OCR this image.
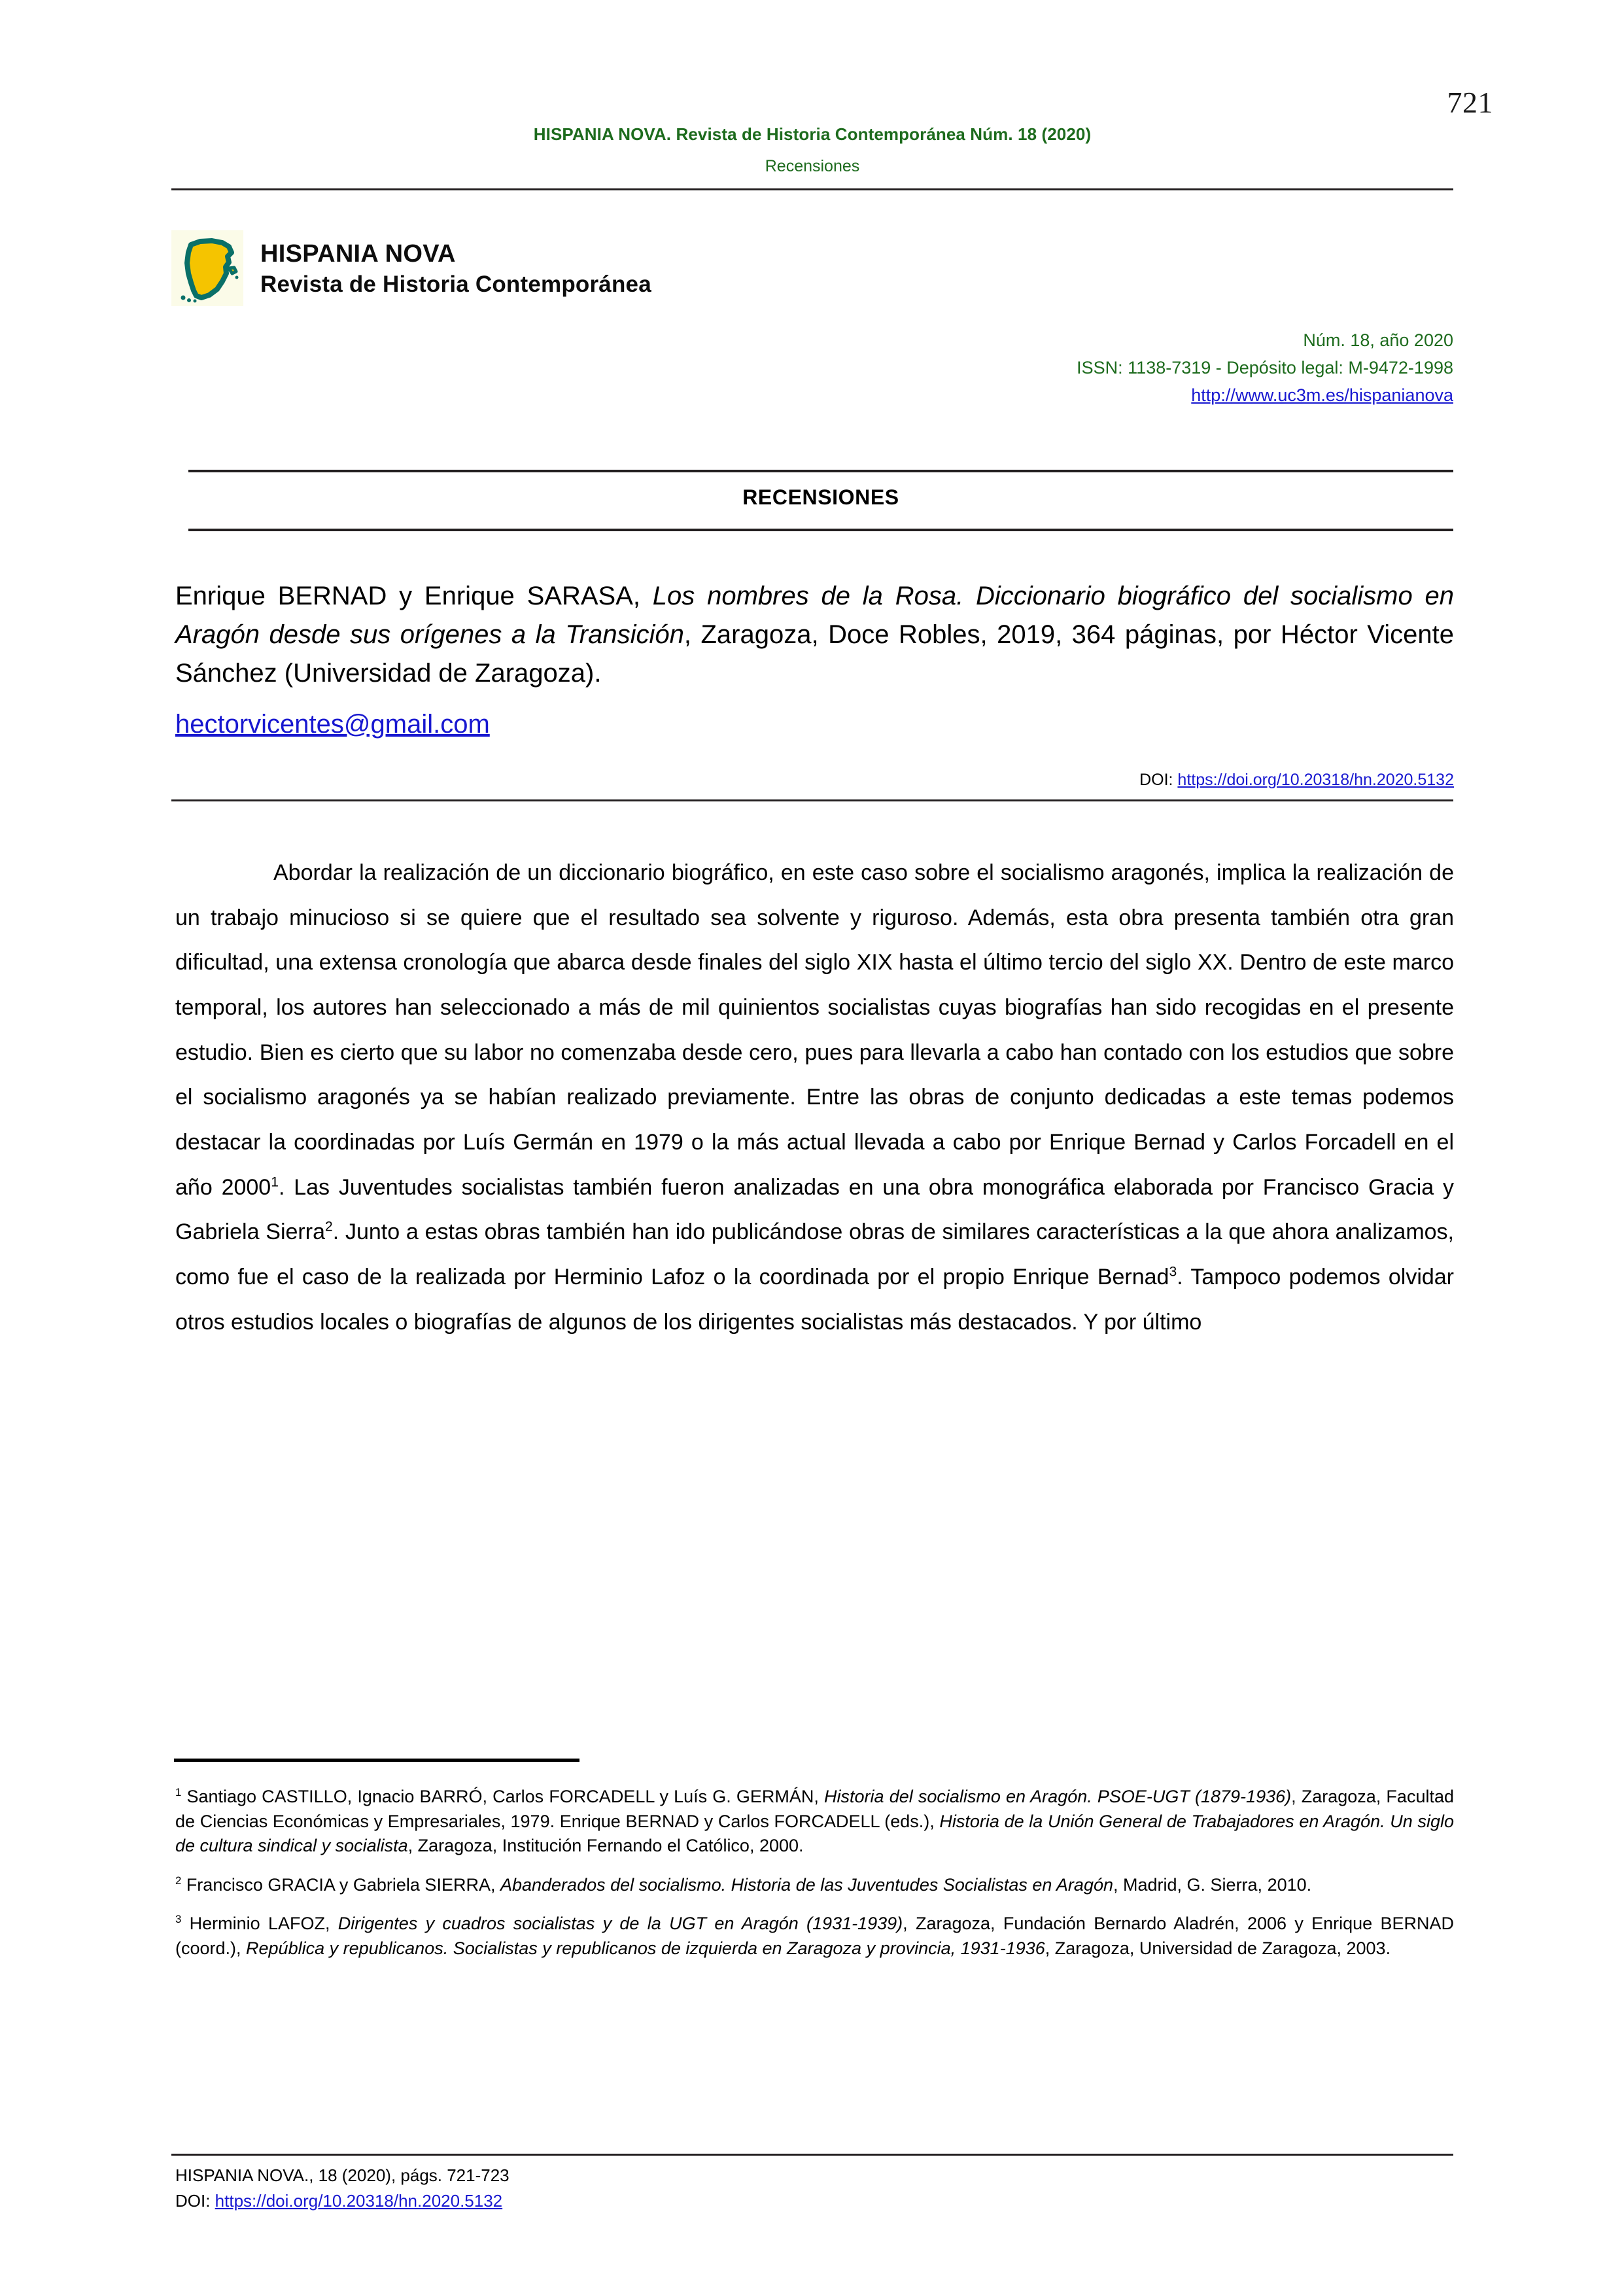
721
HISPANIA NOVA. Revista de Historia Contemporánea Núm. 18 (2020)
Recensiones
HISPANIA NOVA
Revista de Historia Contemporánea
Núm. 18, año 2020
ISSN: 1138-7319 - Depósito legal: M-9472-1998
http://www.uc3m.es/hispanianova
RECENSIONES
Enrique BERNAD y Enrique SARASA, Los nombres de la Rosa. Diccionario biográfico del socialismo en Aragón desde sus orígenes a la Transición, Zaragoza, Doce Robles, 2019, 364 páginas, por Héctor Vicente Sánchez (Universidad de Zaragoza).
hectorvicentes@gmail.com
DOI: https://doi.org/10.20318/hn.2020.5132

Abordar la realización de un diccionario biográfico, en este caso sobre el socialismo aragonés, implica la realización de un trabajo minucioso si se quiere que el resultado sea solvente y riguroso. Además, esta obra presenta también otra gran dificultad, una extensa cronología que abarca desde finales del siglo XIX hasta el último tercio del siglo XX. Dentro de este marco temporal, los autores han seleccionado a más de mil quinientos socialistas cuyas biografías han sido recogidas en el presente estudio. Bien es cierto que su labor no comenzaba desde cero, pues para llevarla a cabo han contado con los estudios que sobre el socialismo aragonés ya se habían realizado previamente. Entre las obras de conjunto dedicadas a este temas podemos destacar la coordinadas por Luís Germán en 1979 o la más actual llevada a cabo por Enrique Bernad y Carlos Forcadell en el año 2000$^1$. Las Juventudes socialistas también fueron analizadas en una obra monográfica elaborada por Francisco Gracia y Gabriela Sierra$^2$. Junto a estas obras también han ido publicándose obras de similares características a la que ahora analizamos, como fue el caso de la realizada por Herminio Lafoz o la coordinada por el propio Enrique Bernad$^3$. Tampoco podemos olvidar otros estudios locales o biografías de algunos de los dirigentes socialistas más destacados. Y por último

$^1$ Santiago CASTILLO, Ignacio BARRÓ, Carlos FORCADELL y Luís G. GERMÁN, Historia del socialismo en Aragón. PSOE-UGT (1879-1936), Zaragoza, Facultad de Ciencias Económicas y Empresariales, 1979. Enrique BERNAD y Carlos FORCADELL (eds.), Historia de la Unión General de Trabajadores en Aragón. Un siglo de cultura sindical y socialista, Zaragoza, Institución Fernando el Católico, 2000.

$^2$ Francisco GRACIA y Gabriela SIERRA, Abanderados del socialismo. Historia de las Juventudes Socialistas en Aragón, Madrid, G. Sierra, 2010.

$^3$ Herminio LAFOZ, Dirigentes y cuadros socialistas y de la UGT en Aragón (1931-1939), Zaragoza, Fundación Bernardo Aladrén, 2006 y Enrique BERNAD (coord.), República y republicanos. Socialistas y republicanos de izquierda en Zaragoza y provincia, 1931-1936, Zaragoza, Universidad de Zaragoza, 2003.

HISPANIA NOVA., 18 (2020), págs. 721-723
DOI: https://doi.org/10.20318/hn.2020.5132
